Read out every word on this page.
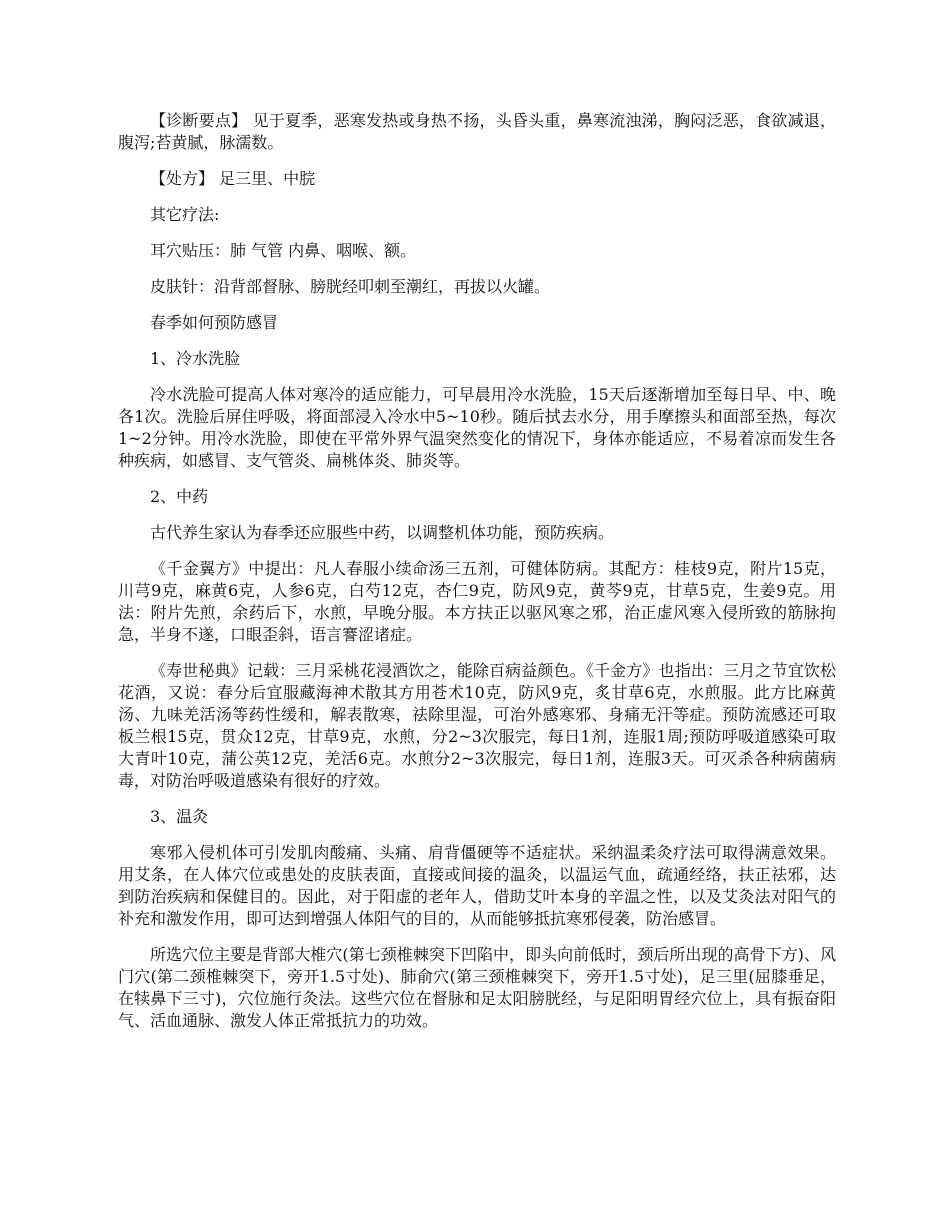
【诊断要点】 见于夏季，恶寒发热或身热不扬，头昏头重，鼻寒流浊涕，胸闷泛恶，食欲减退，腹泻;苔黄腻，脉濡数。

【处方】 足三里、中脘

其它疗法:

耳穴贴压：肺 气管 内鼻、咽喉、额。

皮肤针：沿背部督脉、膀胱经叩刺至潮红，再拔以火罐。

春季如何预防感冒

1、冷水洗脸

冷水洗脸可提高人体对寒冷的适应能力，可早晨用冷水洗脸，15天后逐渐增加至每日早、中、晚各1次。洗脸后屏住呼吸，将面部浸入冷水中5~10秒。随后拭去水分，用手摩擦头和面部至热，每次1~2分钟。用冷水洗脸，即使在平常外界气温突然变化的情况下，身体亦能适应，不易着凉而发生各种疾病，如感冒、支气管炎、扁桃体炎、肺炎等。

2、中药

古代养生家认为春季还应服些中药，以调整机体功能，预防疾病。

《千金翼方》中提出：凡人春服小续命汤三五剂，可健体防病。其配方：桂枝9克，附片15克，川芎9克，麻黄6克，人参6克，白芍12克，杏仁9克，防风9克，黄芩9克，甘草5克，生姜9克。用法：附片先煎，余药后下，水煎，早晚分服。本方扶正以驱风寒之邪，治正虚风寒入侵所致的筋脉拘急，半身不遂，口眼歪斜，语言謇涩诸症。

《寿世秘典》记载：三月采桃花浸酒饮之，能除百病益颜色。《千金方》也指出：三月之节宜饮松花酒，又说：春分后宜服藏海神术散其方用苍术10克，防风9克，炙甘草6克，水煎服。此方比麻黄汤、九味羌活汤等药性缓和，解表散寒，祛除里湿，可治外感寒邪、身痛无汗等症。预防流感还可取板兰根15克，贯众12克，甘草9克，水煎，分2~3次服完，每日1剂，连服1周;预防呼吸道感染可取大青叶10克，蒲公英12克，羌活6克。水煎分2~3次服完，每日1剂，连服3天。可灭杀各种病菌病毒，对防治呼吸道感染有很好的疗效。

3、温灸

寒邪入侵机体可引发肌肉酸痛、头痛、肩背僵硬等不适症状。采纳温柔灸疗法可取得满意效果。用艾条，在人体穴位或患处的皮肤表面，直接或间接的温灸，以温运气血，疏通经络，扶正祛邪，达到防治疾病和保健目的。因此，对于阳虚的老年人，借助艾叶本身的辛温之性，以及艾灸法对阳气的补充和激发作用，即可达到增强人体阳气的目的，从而能够抵抗寒邪侵袭，防治感冒。

所选穴位主要是背部大椎穴(第七颈椎棘突下凹陷中，即头向前低时，颈后所出现的高骨下方)、风门穴(第二颈椎棘突下，旁开1.5寸处)、肺俞穴(第三颈椎棘突下，旁开1.5寸处)，足三里(屈膝垂足，在犊鼻下三寸)，穴位施行灸法。这些穴位在督脉和足太阳膀胱经，与足阳明胃经穴位上，具有振奋阳气、活血通脉、激发人体正常抵抗力的功效。
